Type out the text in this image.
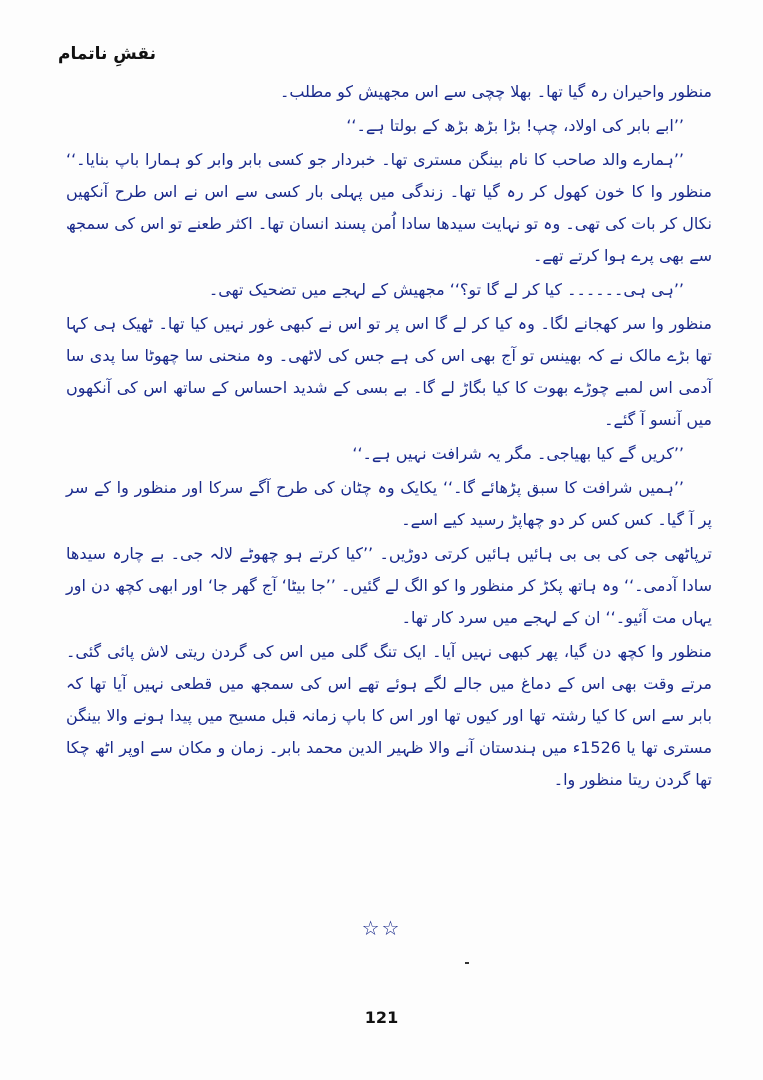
نقشِ ناتمام

منظور واحیران رہ گیا تھا۔ بھلا چچی سے اس مجھیش کو مطلب۔

’’ابے بابر کی اولاد، چپ! بڑا بڑھ بڑھ کے بولتا ہے۔‘‘

’’ہمارے والد صاحب کا نام بینگن مستری تھا۔ خبردار جو کسی بابر وابر کو ہمارا باپ بنایا۔‘‘ منظور وا کا خون کھول کر رہ گیا تھا۔ زندگی میں پہلی بار کسی سے اس نے اس طرح آنکھیں نکال کر بات کی تھی۔ وہ تو نہایت سیدھا سادا اُمن پسند انسان تھا۔ اکثر طعنے تو اس کی سمجھ سے بھی پرے ہوا کرتے تھے۔

’’ہی ہی۔۔۔۔۔۔ کیا کر لے گا تو؟‘‘ مجھیش کے لہجے میں تضحیک تھی۔

منظور وا سر کھجانے لگا۔ وہ کیا کر لے گا اس پر تو اس نے کبھی غور نہیں کیا تھا۔ ٹھیک ہی کہا تھا بڑے مالک نے کہ بھینس تو آج بھی اس کی ہے جس کی لاٹھی۔ وہ منحنی سا چھوٹا سا پدی سا آدمی اس لمبے چوڑے بھوت کا کیا بگاڑ لے گا۔ بے بسی کے شدید احساس کے ساتھ اس کی آنکھوں میں آنسو آ گئے۔

’’کریں گے کیا بھیاجی۔ مگر یہ شرافت نہیں ہے۔‘‘

’’ہمیں شرافت کا سبق پڑھائے گا۔‘‘ یکایک وہ چٹان کی طرح آگے سرکا اور منظور وا کے سر پر آ گیا۔ کس کس کر دو چھاپڑ رسید کیے اسے۔

ترپاٹھی جی کی بی بی ہائیں ہائیں کرتی دوڑیں۔ ’’کیا کرتے ہو چھوٹے لالہ جی۔ بے چارہ سیدھا سادا آدمی۔‘‘ وہ ہاتھ پکڑ کر منظور وا کو الگ لے گئیں۔ ’’جا بیٹا‘ آج گھر جا‘ اور ابھی کچھ دن اور یہاں مت آئیو۔‘‘ ان کے لہجے میں سرد کار تھا۔

منظور وا کچھ دن گیا، پھر کبھی نہیں آیا۔ ایک تنگ گلی میں اس کی گردن ریتی لاش پائی گئی۔ مرتے وقت بھی اس کے دماغ میں جالے لگے ہوئے تھے اس کی سمجھ میں قطعی نہیں آیا تھا کہ بابر سے اس کا کیا رشتہ تھا اور کیوں تھا اور اس کا باپ زمانہ قبل مسیح میں پیدا ہونے والا بینگن مستری تھا یا 1526ء میں ہندستان آنے والا ظہیر الدین محمد بابر۔ زمان و مکان سے اوپر اٹھ چکا تھا گردن ریتا منظور وا۔

☆☆
121
